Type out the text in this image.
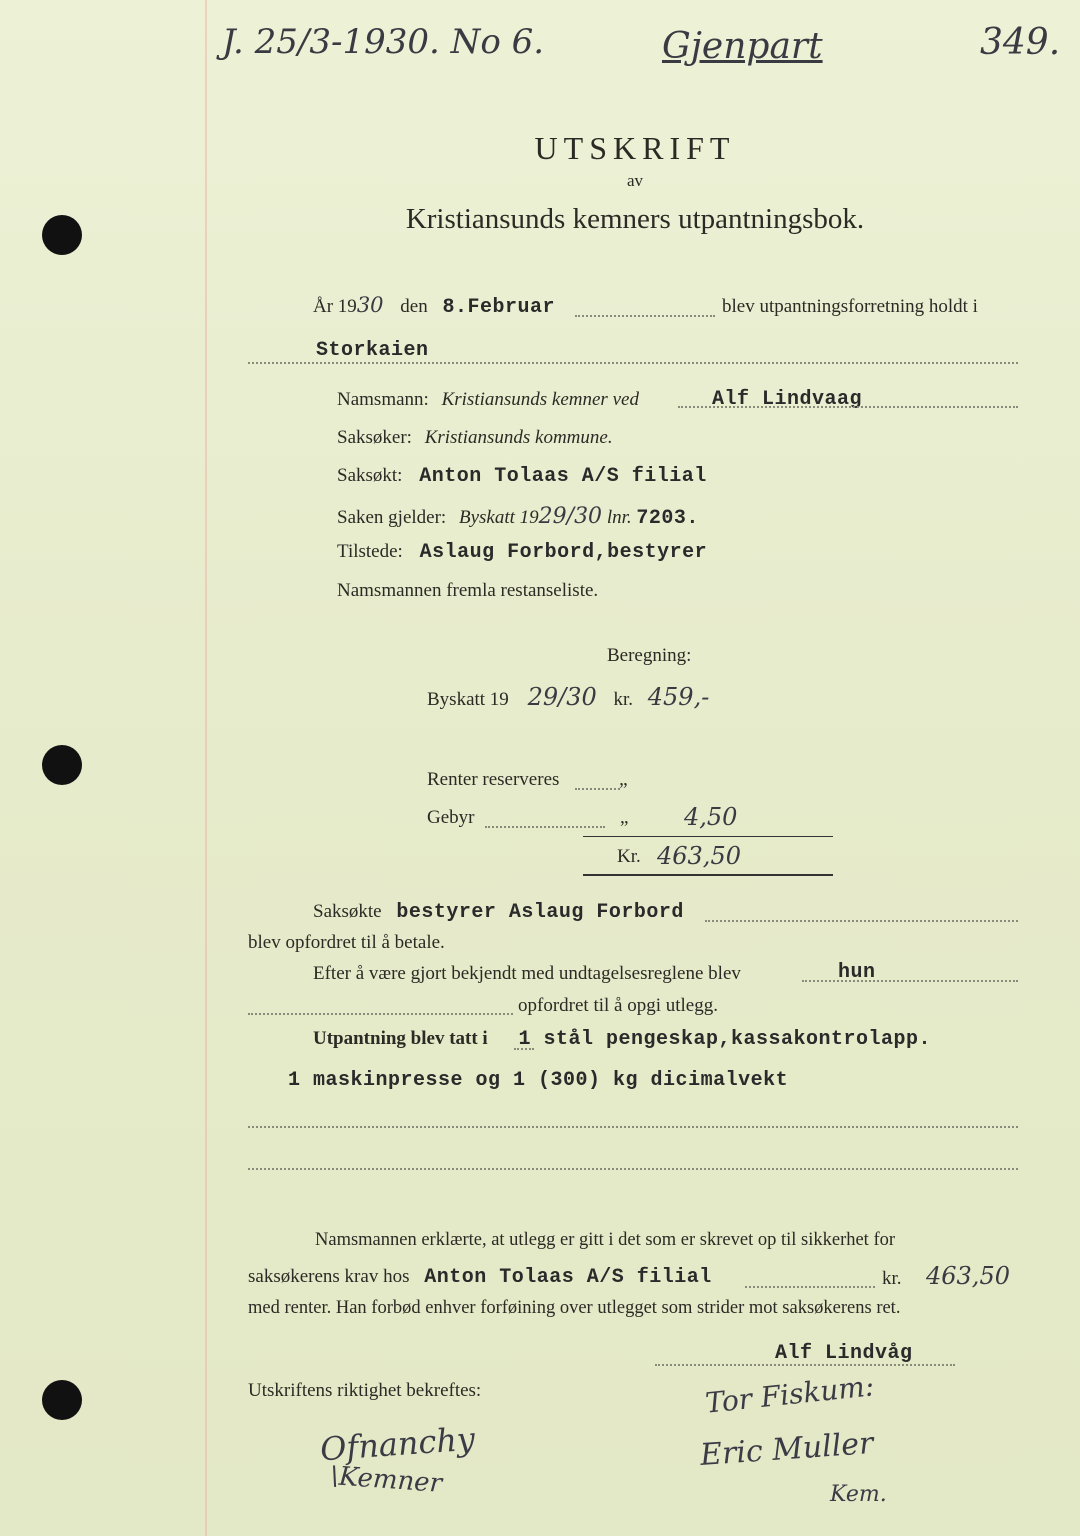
J. 25/3-1930. No 6.	Gjenpart	349.
UTSKRIFT
av
Kristiansunds kemners utpantningsbok.
År 1930 den 8.Februar	blev utpantningsforretning holdt i
Storkaien
Namsmann: Kristiansunds kemner ved	Alf Lindvaag
Saksøker: Kristiansunds kommune.
Saksøkt: Anton Tolaas A/S filial
Saken gjelder: Byskatt 1929/30 lnr. 7203.
Tilstede: Aslaug Forbord,bestyrer
Namsmannen fremla restanseliste.
Beregning:
Byskatt 19 29/30 kr. 459,-
Renter reserveres	„
Gebyr	„ 4,50
Kr. 463,50
Saksøkte bestyrer Aslaug Forbord
blev opfordret til å betale.
Efter å være gjort bekjendt med undtagelsesreglene blev	hun
opfordret til å opgi utlegg.
Utpantning blev tatt i 1 stål pengeskap,kassakontrolapp.
1 maskinpresse og 1 (300) kg dicimalvekt
Namsmannen erklærte, at utlegg er gitt i det som er skrevet op til sikkerhet for
saksøkerens krav hos Anton Tolaas A/S filial	kr. 463,50
med renter. Han forbød enhver forføining over utlegget som strider mot saksøkerens ret.
Alf Lindvåg
Utskriftens riktighet bekreftes:
Ofnanchy
\Kemner
Tor Fiskum:
Eric Muller
Kem.
